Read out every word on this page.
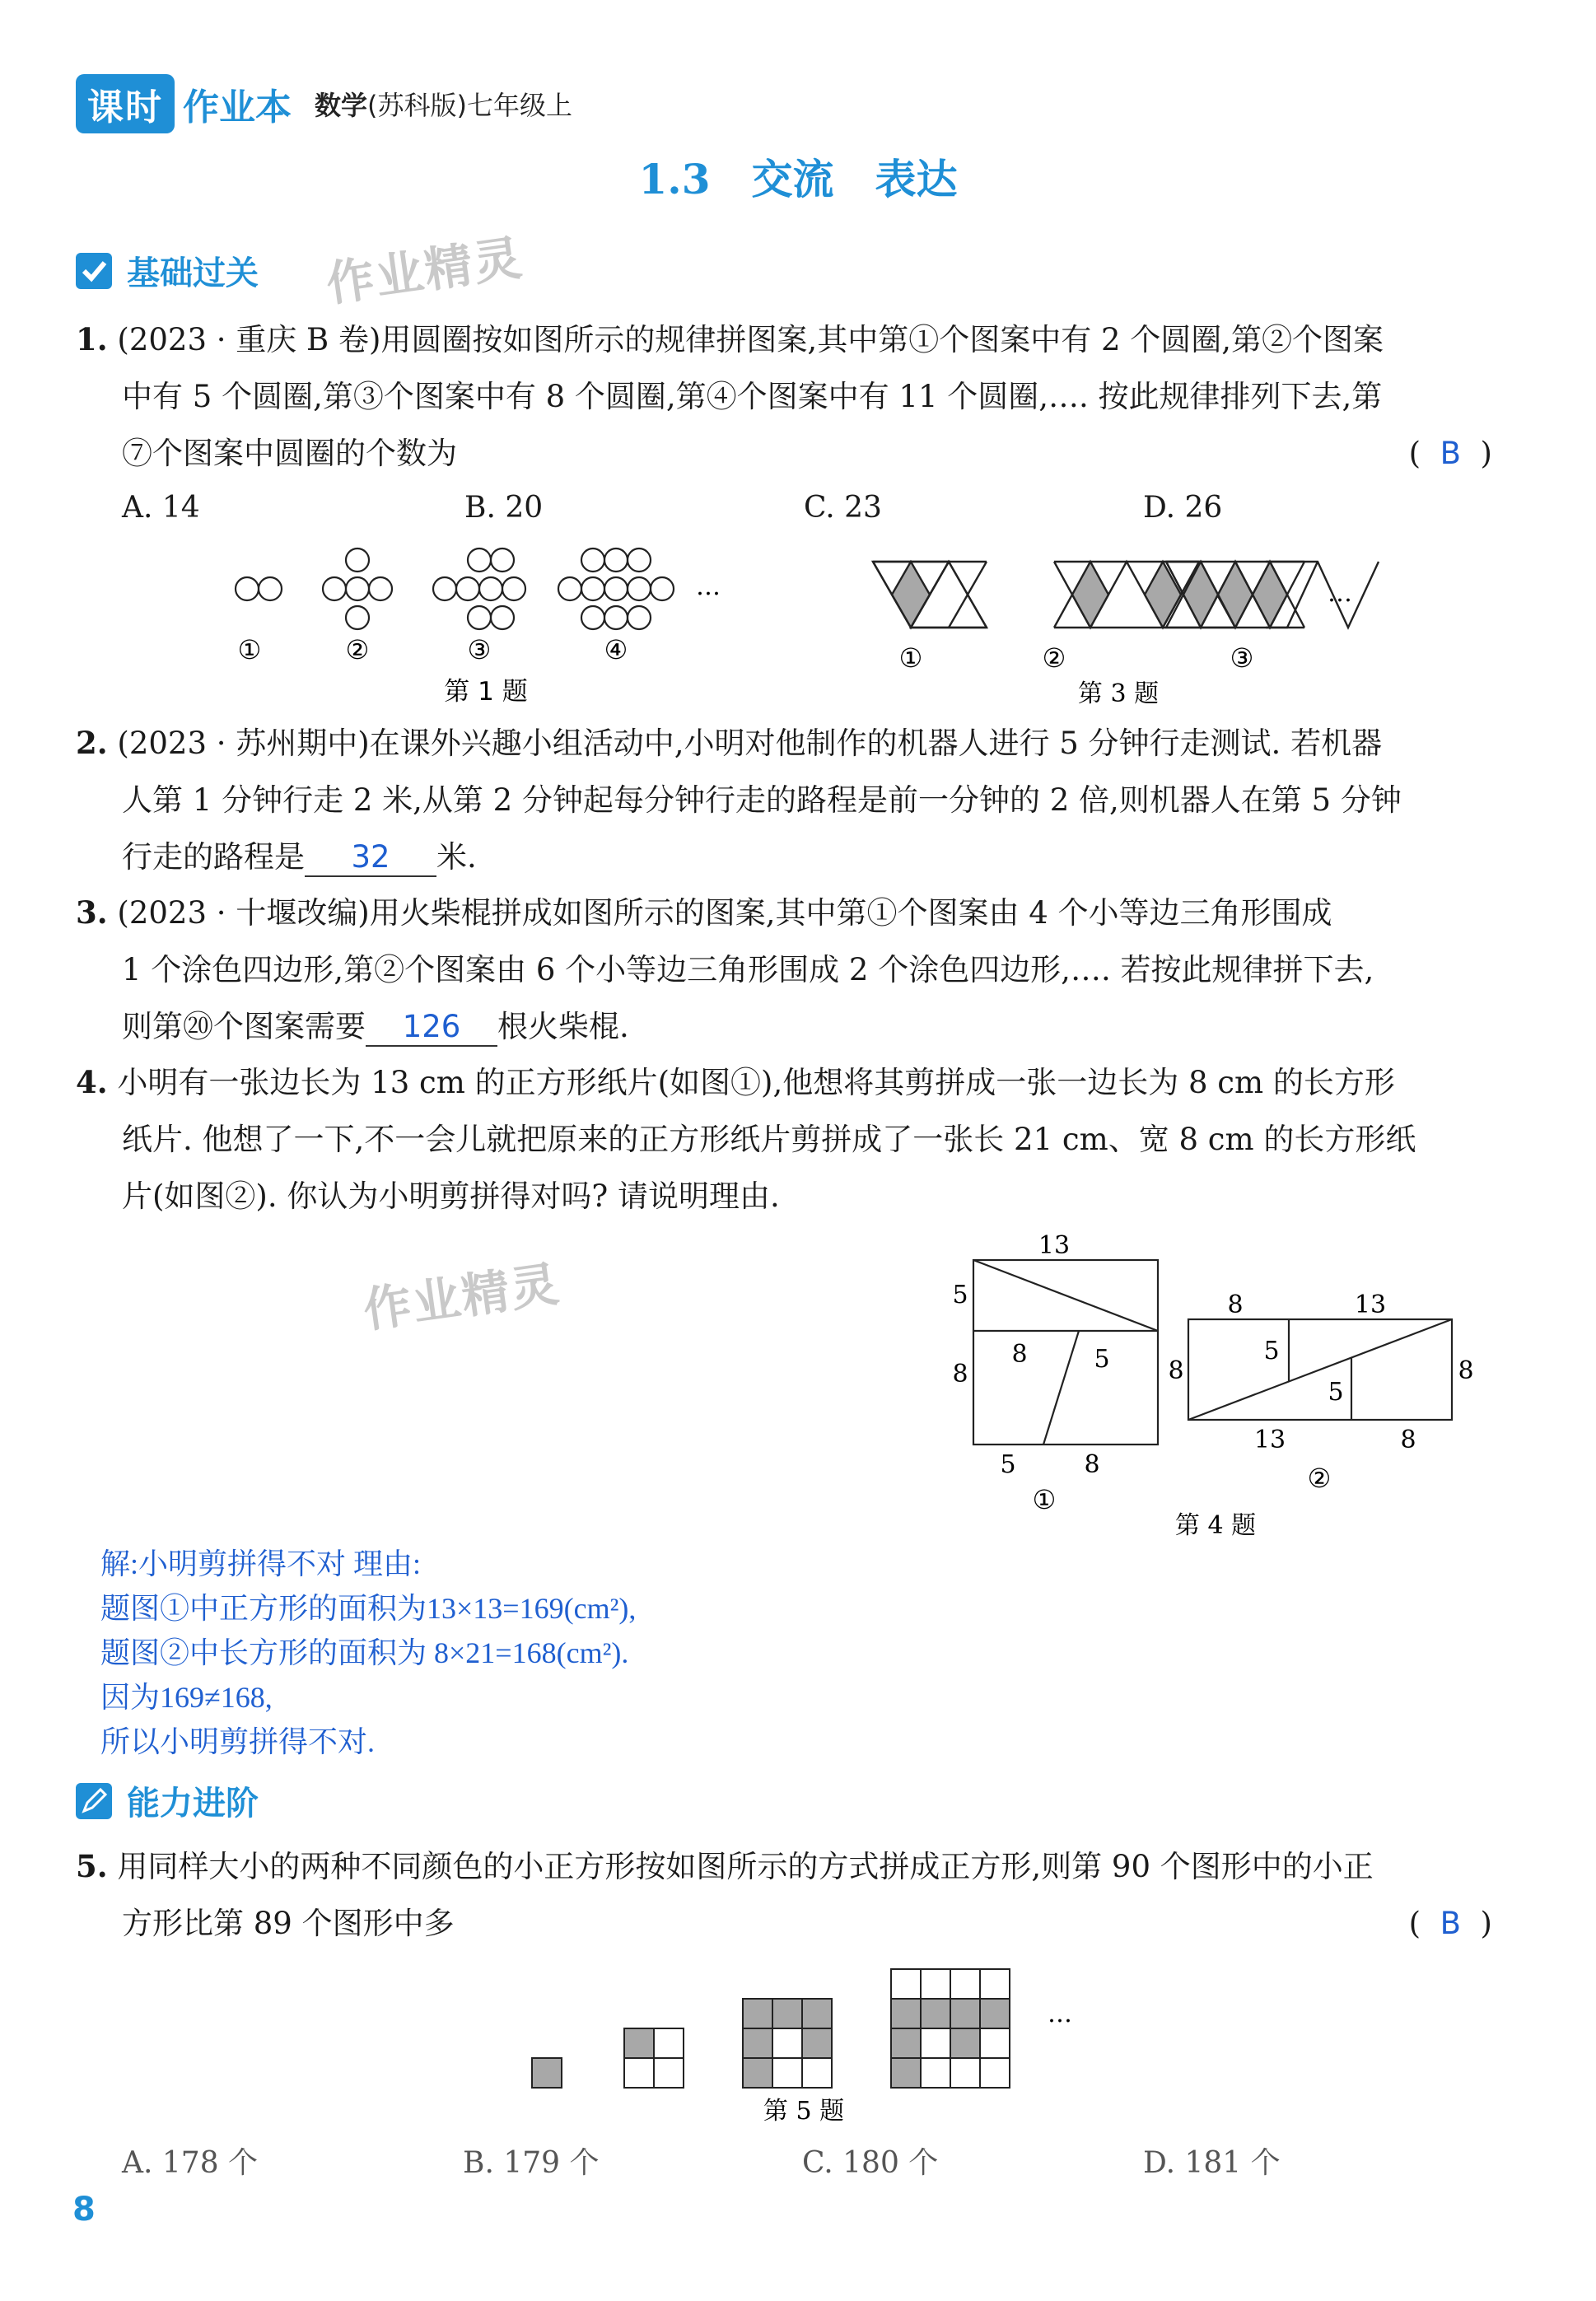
课时 作业本 数学(苏科版)七年级上
1.3　交流　表达
基础过关 作业精灵
1. (2023 · 重庆 B 卷)用圆圈按如图所示的规律拼图案,其中第①个图案中有 2 个圆圈,第②个图案
中有 5 个圆圈,第③个图案中有 8 个圆圈,第④个图案中有 11 个圆圈,…. 按此规律排列下去,第
⑦个图案中圆圈的个数为	(  B  )
A. 14	B. 20	C. 23	D. 26
…
①	②	③	④
第 1 题
①	②	③
第 3 题
…
2. (2023 · 苏州期中)在课外兴趣小组活动中,小明对他制作的机器人进行 5 分钟行走测试. 若机器
人第 1 分钟行走 2 米,从第 2 分钟起每分钟行走的路程是前一分钟的 2 倍,则机器人在第 5 分钟
行走的路程是 32 米.
3. (2023 · 十堰改编)用火柴棍拼成如图所示的图案,其中第①个图案由 4 个小等边三角形围成
1 个涂色四边形,第②个图案由 6 个小等边三角形围成 2 个涂色四边形,…. 若按此规律拼下去,
则第⑳个图案需要 126 根火柴棍.
4. 小明有一张边长为 13 cm 的正方形纸片(如图①),他想将其剪拼成一张一边长为 8 cm 的长方形
纸片. 他想了一下,不一会儿就把原来的正方形纸片剪拼成了一张长 21 cm、宽 8 cm 的长方形纸
片(如图②). 你认为小明剪拼得对吗? 请说明理由.
作业精灵
13
5
8	5
8
5	8
①
8	13
5
5
8	8
13	8
②
第 4 题
解:小明剪拼得不对 理由:
题图①中正方形的面积为13×13=169(cm²),
题图②中长方形的面积为 8×21=168(cm²).
因为169≠168,
所以小明剪拼得不对.
能力进阶
5. 用同样大小的两种不同颜色的小正方形按如图所示的方式拼成正方形,则第 90 个图形中的小正
方形比第 89 个图形中多	(  B  )
…
第 5 题
A. 178 个	B. 179 个	C. 180 个	D. 181 个
8
